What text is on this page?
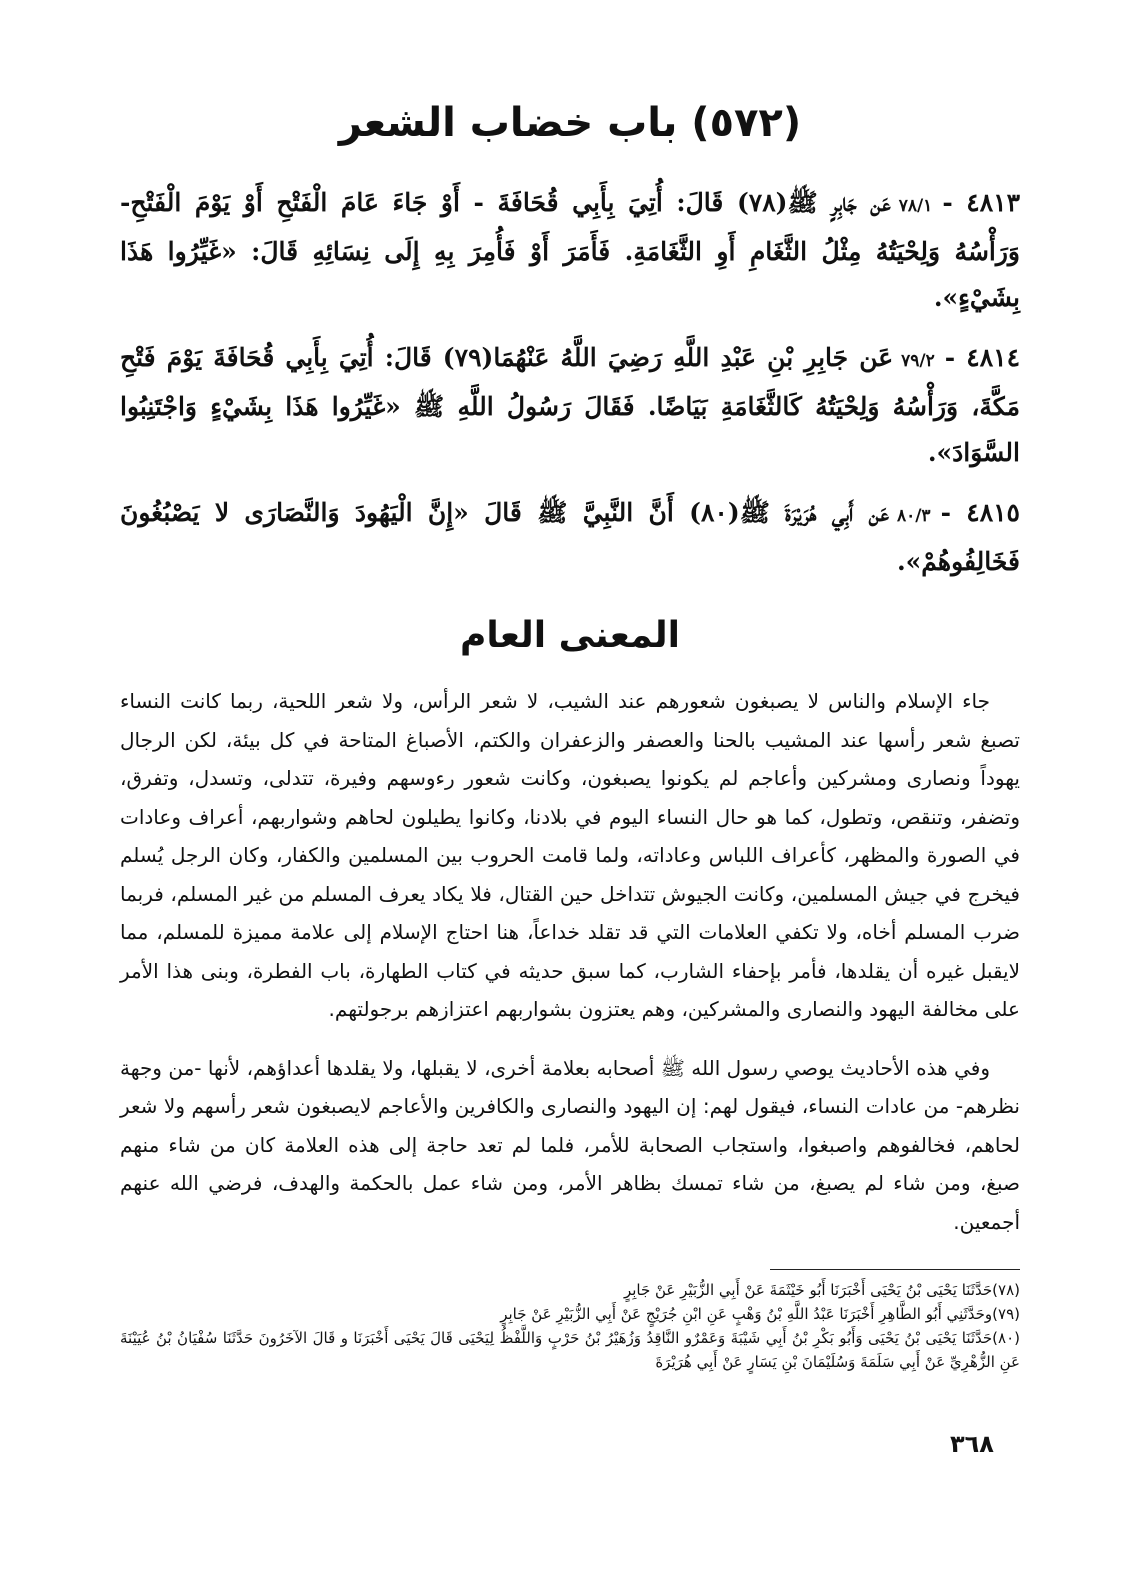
(٥٧٢) باب خضاب الشعر

٤٨١٣ -٧٨/١عَن جَابِرٍ ﷺ(٧٨) قَالَ: أُتِيَ بِأَبِي قُحَافَةَ - أَوْ جَاءَ عَامَ الْفَتْحِ أَوْ يَوْمَ الْفَتْحِ- وَرَأْسُهُ وَلِحْيَتُهُ مِثْلُ الثَّغَامِ أَوِ الثَّغَامَةِ. فَأَمَرَ أَوْ فَأُمِرَ بِهِ إِلَى نِسَائِهِ قَالَ: «غَيِّرُوا هَذَا بِشَيْءٍ».

٤٨١٤ -٧٩/٢عَن جَابِرِ بْنِ عَبْدِ اللَّهِ رَضِيَ اللَّهُ عَنْهُمَا(٧٩) قَالَ: أُتِيَ بِأَبِي قُحَافَةَ يَوْمَ فَتْحِ مَكَّةَ، وَرَأْسُهُ وَلِحْيَتُهُ كَالثَّغَامَةِ بَيَاضًا. فَقَالَ رَسُولُ اللَّهِ ﷺ «غَيِّرُوا هَذَا بِشَيْءٍ وَاجْتَنِبُوا السَّوَادَ».

٤٨١٥ -٨٠/٣عَن أَبِي هُرَيْرَةَ ﷺ(٨٠) أَنَّ النَّبِيَّ ﷺ قَالَ «إِنَّ الْيَهُودَ وَالنَّصَارَى لا يَصْبُغُونَ فَخَالِفُوهُمْ».

المعنى العام

جاء الإسلام والناس لا يصبغون شعورهم عند الشيب، لا شعر الرأس، ولا شعر اللحية، ربما كانت النساء تصبغ شعر رأسها عند المشيب بالحنا والعصفر والزعفران والكتم، الأصباغ المتاحة في كل بيئة، لكن الرجال يهوداً ونصارى ومشركين وأعاجم لم يكونوا يصبغون، وكانت شعور رءوسهم وفيرة، تتدلى، وتسدل، وتفرق، وتضفر، وتنقص، وتطول، كما هو حال النساء اليوم في بلادنا، وكانوا يطيلون لحاهم وشواربهم، أعراف وعادات في الصورة والمظهر، كأعراف اللباس وعاداته، ولما قامت الحروب بين المسلمين والكفار، وكان الرجل يُسلم فيخرج في جيش المسلمين، وكانت الجيوش تتداخل حين القتال، فلا يكاد يعرف المسلم من غير المسلم، فربما ضرب المسلم أخاه، ولا تكفي العلامات التي قد تقلد خداعاً، هنا احتاج الإسلام إلى علامة مميزة للمسلم، مما لايقبل غيره أن يقلدها، فأمر بإحفاء الشارب، كما سبق حديثه في كتاب الطهارة، باب الفطرة، وبنى هذا الأمر على مخالفة اليهود والنصارى والمشركين، وهم يعتزون بشواربهم اعتزازهم برجولتهم.

وفي هذه الأحاديث يوصي رسول الله ﷺ أصحابه بعلامة أخرى، لا يقبلها، ولا يقلدها أعداؤهم، لأنها -من وجهة نظرهم- من عادات النساء، فيقول لهم: إن اليهود والنصارى والكافرين والأعاجم لايصبغون شعر رأسهم ولا شعر لحاهم، فخالفوهم واصبغوا، واستجاب الصحابة للأمر، فلما لم تعد حاجة إلى هذه العلامة كان من شاء منهم صبغ، ومن شاء لم يصبغ، من شاء تمسك بظاهر الأمر، ومن شاء عمل بالحكمة والهدف، فرضي الله عنهم أجمعين.

(٧٨)حَدَّثَنَا يَحْيَى بْنُ يَحْيَى أَخْبَرَنَا أَبُو خَيْثَمَةَ عَنْ أَبِي الزُّبَيْرِ عَنْ جَابِرٍ

(٧٩)وحَدَّثَنِي أَبُو الطَّاهِرِ أَخْبَرَنَا عَبْدُ اللَّهِ بْنُ وَهْبٍ عَنِ ابْنِ جُرَيْجٍ عَنْ أَبِي الزُّبَيْرِ عَنْ جَابِرٍ

(٨٠)حَدَّثَنَا يَحْيَى بْنُ يَحْيَى وَأَبُو بَكْرِ بْنُ أَبِي شَيْبَةَ وَعَمْرٌو النَّاقِدُ وَزُهَيْرُ بْنُ حَرْبٍ وَاللَّفْظُ لِيَحْيَى قَالَ يَحْيَى أَخْبَرَنَا و قَالَ الآخَرُونَ حَدَّثَنَا سُفْيَانُ بْنُ عُيَيْنَةَ عَنِ الزُّهْرِيِّ عَنْ أَبِي سَلَمَةَ وَسُلَيْمَانَ بْنِ يَسَارٍ عَنْ أَبِي هُرَيْرَةَ

٣٦٨
